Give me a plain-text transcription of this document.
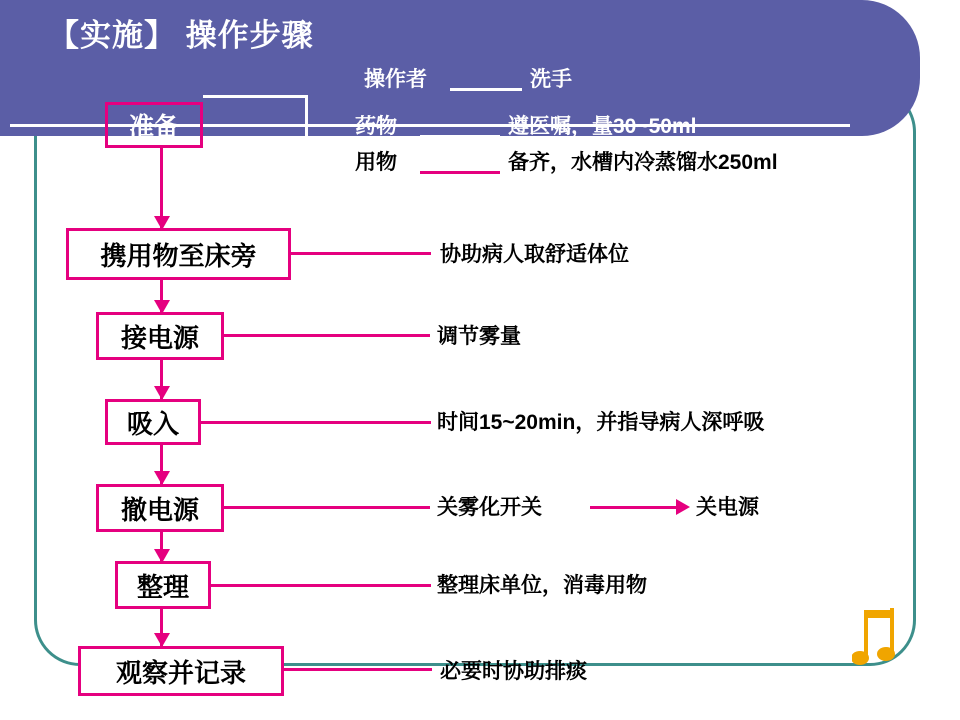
【实施】 操作步骤
准备
操作者	洗手
药物	遵医嘱，量30~50ml
用物	备齐，水槽内冷蒸馏水250ml
携用物至床旁	协助病人取舒适体位
接电源	调节雾量
吸入	时间15~20min，并指导病人深呼吸
撤电源	关雾化开关	关电源
整理	整理床单位，消毒用物
观察并记录	必要时协助排痰
